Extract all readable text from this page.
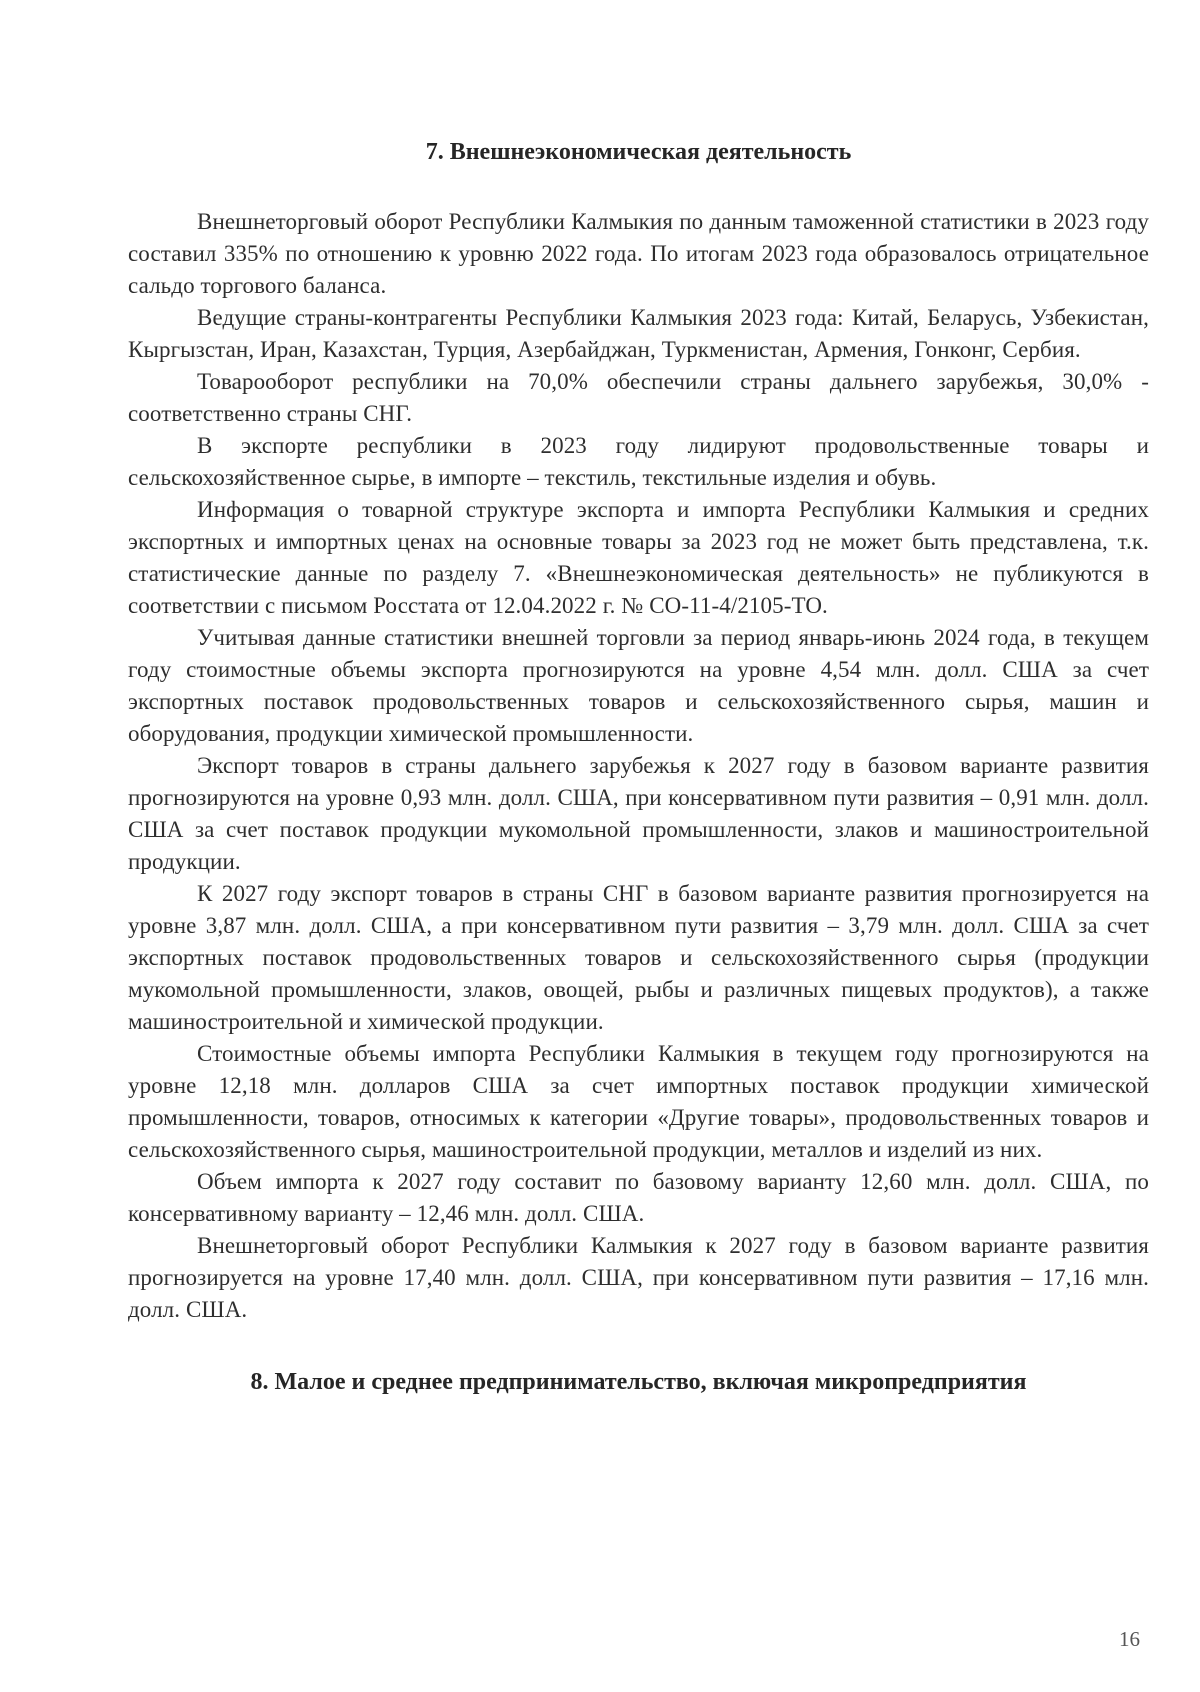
7. Внешнеэкономическая деятельность

Внешнеторговый оборот Республики Калмыкия по данным таможенной статистики в 2023 году составил 335% по отношению к уровню 2022 года. По итогам 2023 года образовалось отрицательное сальдо торгового баланса.

Ведущие страны-контрагенты Республики Калмыкия 2023 года: Китай, Беларусь, Узбекистан, Кыргызстан, Иран, Казахстан, Турция, Азербайджан, Туркменистан, Армения, Гонконг, Сербия.

Товарооборот республики на 70,0% обеспечили страны дальнего зарубежья, 30,0% - соответственно страны СНГ.

В экспорте республики в 2023 году лидируют продовольственные товары и сельскохозяйственное сырье, в импорте – текстиль, текстильные изделия и обувь.

Информация о товарной структуре экспорта и импорта Республики Калмыкия и средних экспортных и импортных ценах на основные товары за 2023 год не может быть представлена, т.к. статистические данные по разделу 7. «Внешнеэкономическая деятельность» не публикуются в соответствии с письмом Росстата от 12.04.2022 г. № СО-11-4/2105-ТО.

Учитывая данные статистики внешней торговли за период январь-июнь 2024 года, в текущем году стоимостные объемы экспорта прогнозируются на уровне 4,54 млн. долл. США за счет экспортных поставок продовольственных товаров и сельскохозяйственного сырья, машин и оборудования, продукции химической промышленности.

Экспорт товаров в страны дальнего зарубежья к 2027 году в базовом варианте развития прогнозируются на уровне 0,93 млн. долл. США, при консервативном пути развития – 0,91 млн. долл. США за счет поставок продукции мукомольной промышленности, злаков и машиностроительной продукции.

К 2027 году экспорт товаров в страны СНГ в базовом варианте развития прогнозируется на уровне 3,87 млн. долл. США, а при консервативном пути развития – 3,79 млн. долл. США за счет экспортных поставок продовольственных товаров и сельскохозяйственного сырья (продукции мукомольной промышленности, злаков, овощей, рыбы и различных пищевых продуктов), а также машиностроительной и химической продукции.

Стоимостные объемы импорта Республики Калмыкия в текущем году прогнозируются на уровне 12,18 млн. долларов США за счет импортных поставок продукции химической промышленности, товаров, относимых к категории «Другие товары», продовольственных товаров и сельскохозяйственного сырья, машиностроительной продукции, металлов и изделий из них.

Объем импорта к 2027 году составит по базовому варианту 12,60 млн. долл. США, по консервативному варианту – 12,46 млн. долл. США.

Внешнеторговый оборот Республики Калмыкия к 2027 году в базовом варианте развития прогнозируется на уровне 17,40 млн. долл. США, при консервативном пути развития – 17,16 млн. долл. США.

8. Малое и среднее предпринимательство, включая микропредприятия
16
